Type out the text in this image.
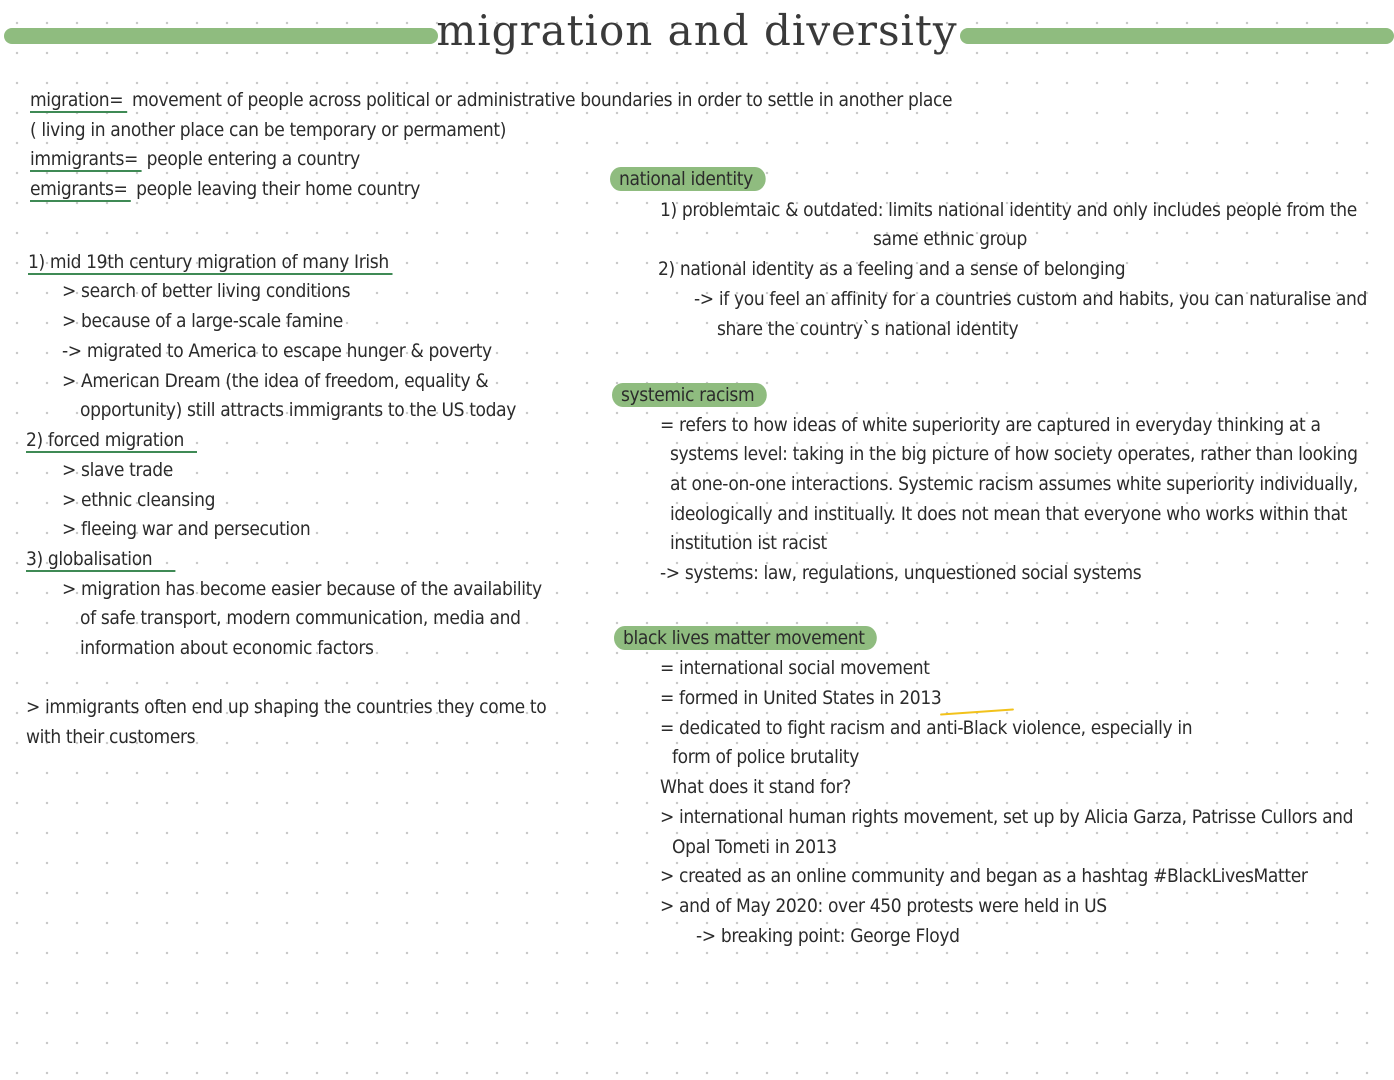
migration and diversity
migration= movement of people across political or administrative boundaries in order to settle in another place
( living in another place can be temporary or permament)
immigrants= people entering a country
emigrants= people leaving their home country
1) mid 19th century migration of many Irish
> search of better living conditions
> because of a large-scale famine
-> migrated to America to escape hunger & poverty
> American Dream (the idea of freedom, equality &
opportunity) still attracts immigrants to the US today
2) forced migration
> slave trade
> ethnic cleansing
> fleeing war and persecution
3) globalisation
> migration has become easier because of the availability
of safe transport, modern communication, media and
information about economic factors
> immigrants often end up shaping the countries they come to
with their customers
national identity
1) problemtaic & outdated: limits national identity and only includes people from the
same ethnic group
2) national identity as a feeling and a sense of belonging
-> if you feel an affinity for a countries custom and habits, you can naturalise and
share the country`s national identity
systemic racism
= refers to how ideas of white superiority are captured in everyday thinking at a
systems level: taking in the big picture of how society operates, rather than looking
at one-on-one interactions. Systemic racism assumes white superiority individually,
ideologically and institually. It does not mean that everyone who works within that
institution ist racist
-> systems: law, regulations, unquestioned social systems
black lives matter movement
= international social movement
= formed in United States in 2013
= dedicated to fight racism and anti-Black violence, especially in
form of police brutality
What does it stand for?
> international human rights movement, set up by Alicia Garza, Patrisse Cullors and
Opal Tometi in 2013
> created as an online community and began as a hashtag #BlackLivesMatter
> and of May 2020: over 450 protests were held in US
-> breaking point: George Floyd
